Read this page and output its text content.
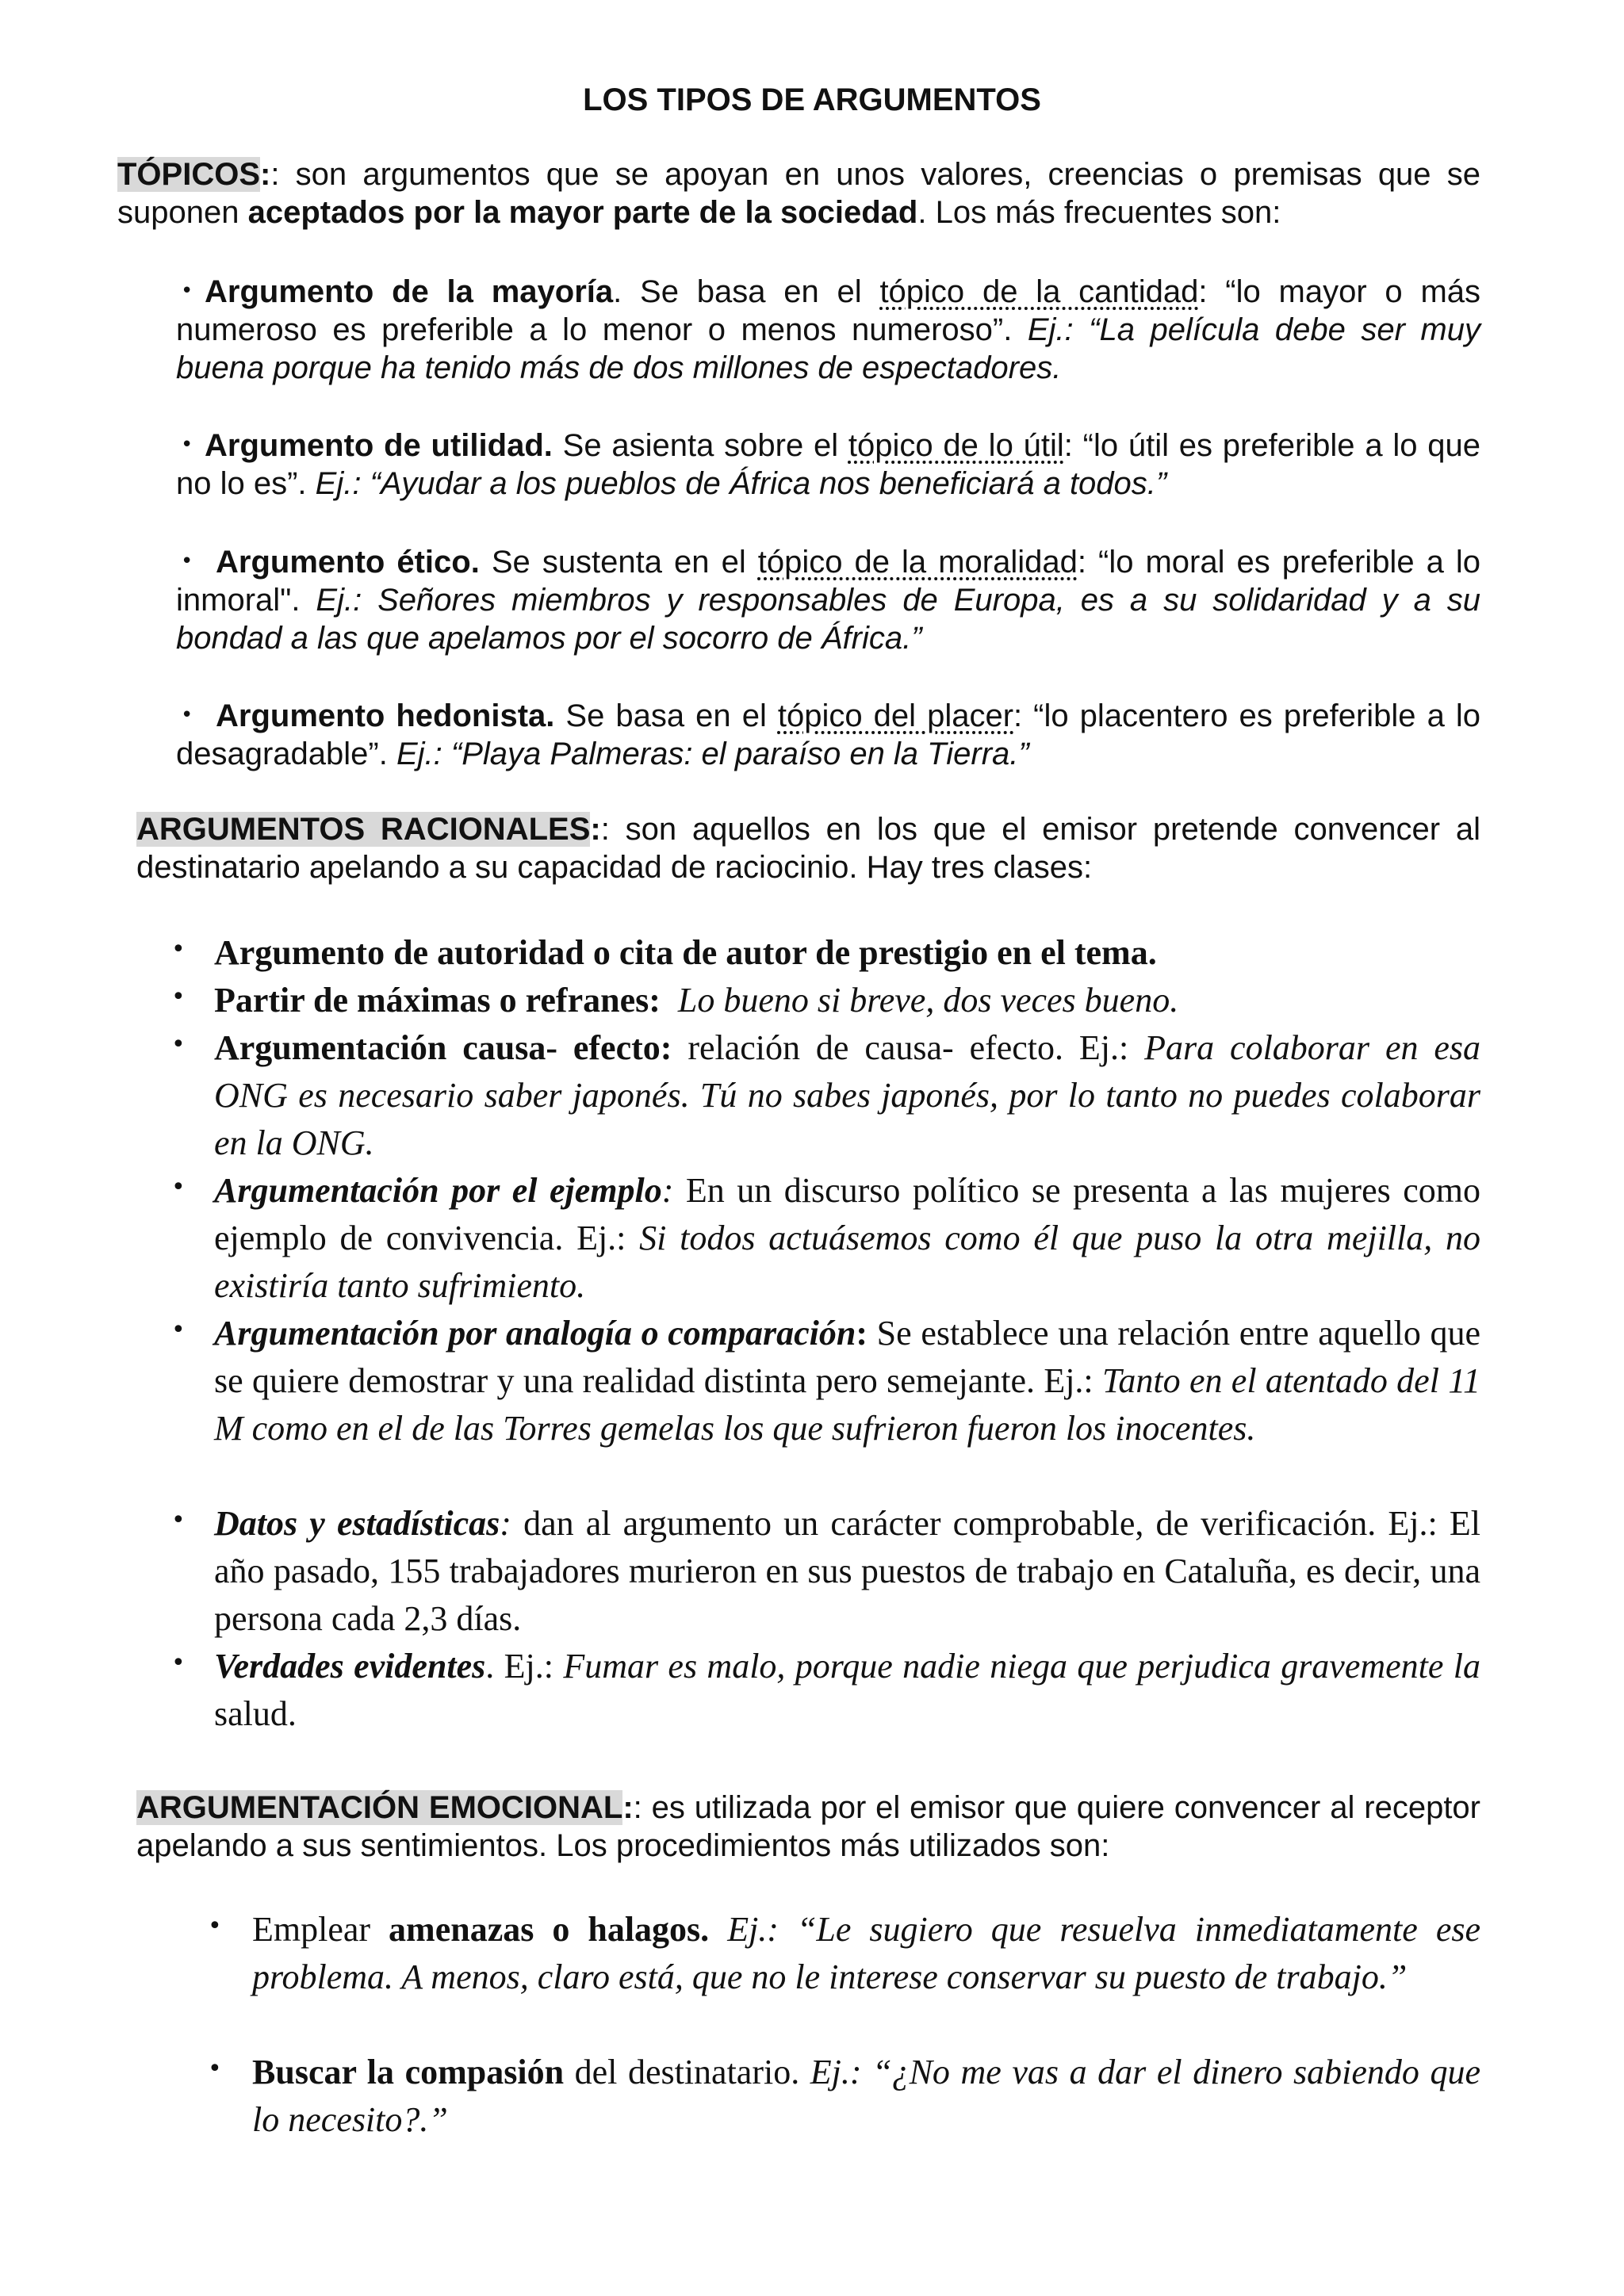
LOS TIPOS DE ARGUMENTOS
TÓPICOS:: son argumentos que se apoyan en unos valores, creencias o premisas que se suponen aceptados por la mayor parte de la sociedad. Los más frecuentes son:
• Argumento de la mayoría. Se basa en el tópico de la cantidad: “lo mayor o más numeroso es preferible a lo menor o menos numeroso”. Ej.: “La película debe ser muy buena porque ha tenido más de dos millones de espectadores.
• Argumento de utilidad. Se asienta sobre el tópico de lo útil: “lo útil es preferible a lo que no lo es”. Ej.: “Ayudar a los pueblos de África nos beneficiará a todos.”
• Argumento ético. Se sustenta en el tópico de la moralidad: “lo moral es preferible a lo inmoral". Ej.: Señores miembros y responsables de Europa, es a su solidaridad y a su bondad a las que apelamos por el socorro de África.”
• Argumento hedonista. Se basa en el tópico del placer: “lo placentero es preferible a lo desagradable”. Ej.: “Playa Palmeras: el paraíso en la Tierra.”
ARGUMENTOS RACIONALES:: son aquellos en los que el emisor pretende convencer al destinatario apelando a su capacidad de raciocinio. Hay tres clases:
• Argumento de autoridad o cita de autor de prestigio en el tema.
• Partir de máximas o refranes: Lo bueno si breve, dos veces bueno.
• Argumentación causa- efecto: relación de causa- efecto. Ej.: Para colaborar en esa ONG es necesario saber japonés. Tú no sabes japonés, por lo tanto no puedes colaborar en la ONG.
• Argumentación por el ejemplo: En un discurso político se presenta a las mujeres como ejemplo de convivencia. Ej.: Si todos actuásemos como él que puso la otra mejilla, no existiría tanto sufrimiento.
• Argumentación por analogía o comparación: Se establece una relación entre aquello que se quiere demostrar y una realidad distinta pero semejante. Ej.: Tanto en el atentado del 11 M como en el de las Torres gemelas los que sufrieron fueron los inocentes.
• Datos y estadísticas: dan al argumento un carácter comprobable, de verificación. Ej.: El año pasado, 155 trabajadores murieron en sus puestos de trabajo en Cataluña, es decir, una persona cada 2,3 días.
• Verdades evidentes. Ej.: Fumar es malo, porque nadie niega que perjudica gravemente la salud.
ARGUMENTACIÓN EMOCIONAL:: es utilizada por el emisor que quiere convencer al receptor apelando a sus sentimientos. Los procedimientos más utilizados son:
• Emplear amenazas o halagos. Ej.: “Le sugiero que resuelva inmediatamente ese problema. A menos, claro está, que no le interese conservar su puesto de trabajo.”
• Buscar la compasión del destinatario. Ej.: “¿No me vas a dar el dinero sabiendo que lo necesito?.”
